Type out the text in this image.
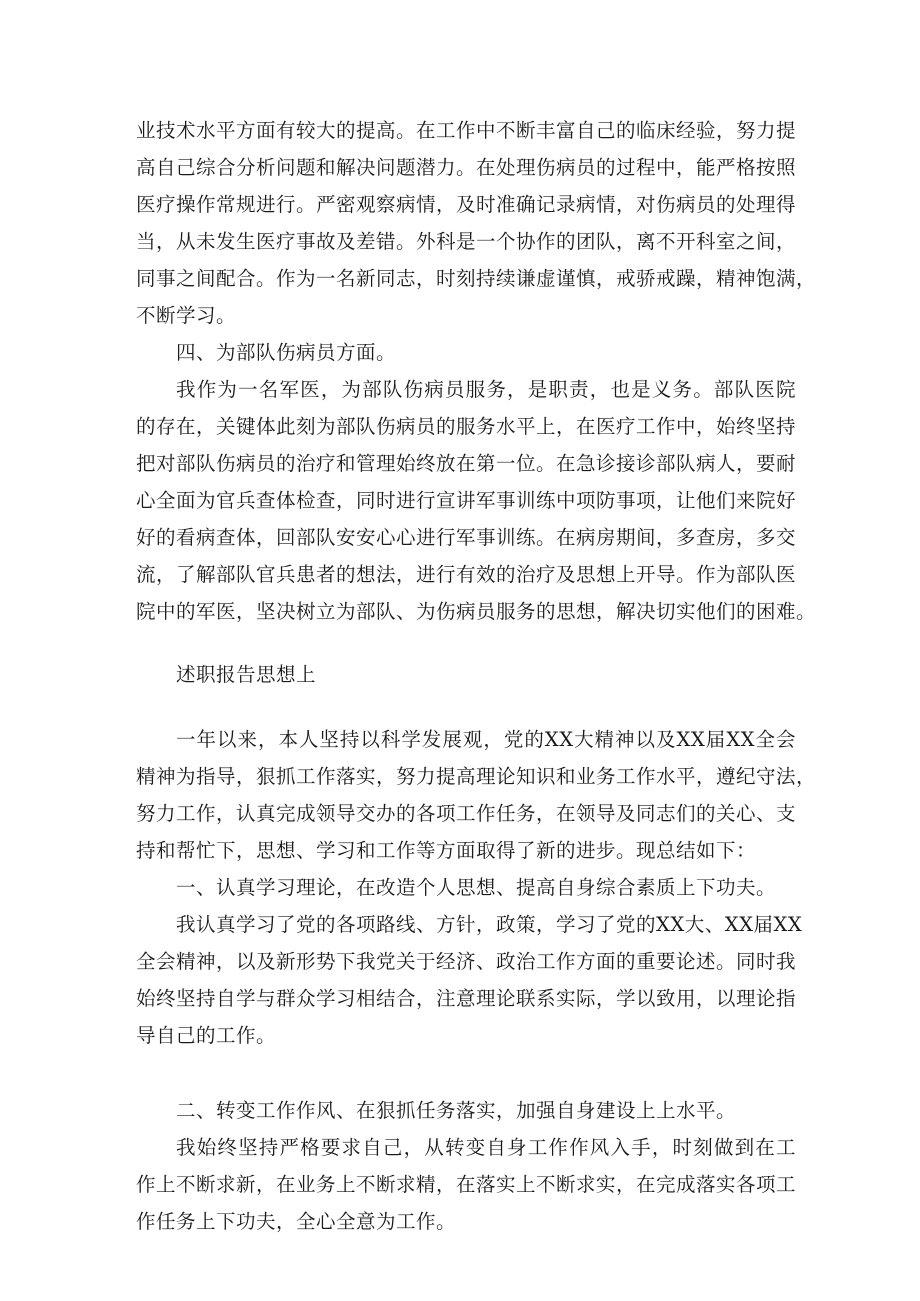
业技术水平方面有较大的提高。在工作中不断丰富自己的临床经验，努力提
高自己综合分析问题和解决问题潜力。在处理伤病员的过程中，能严格按照
医疗操作常规进行。严密观察病情，及时准确记录病情，对伤病员的处理得
当，从未发生医疗事故及差错。外科是一个协作的团队，离不开科室之间，
同事之间配合。作为一名新同志，时刻持续谦虚谨慎，戒骄戒躁，精神饱满，
不断学习。
四、为部队伤病员方面。
我作为一名军医，为部队伤病员服务，是职责，也是义务。部队医院
的存在，关键体此刻为部队伤病员的服务水平上，在医疗工作中，始终坚持
把对部队伤病员的治疗和管理始终放在第一位。在急诊接诊部队病人，要耐
心全面为官兵查体检查，同时进行宣讲军事训练中项防事项，让他们来院好
好的看病查体，回部队安安心心进行军事训练。在病房期间，多查房，多交
流，了解部队官兵患者的想法，进行有效的治疗及思想上开导。作为部队医
院中的军医，坚决树立为部队、为伤病员服务的思想，解决切实他们的困难。
述职报告思想上
一年以来，本人坚持以科学发展观，党的XX大精神以及XX届XX全会
精神为指导，狠抓工作落实，努力提高理论知识和业务工作水平，遵纪守法，
努力工作，认真完成领导交办的各项工作任务，在领导及同志们的关心、支
持和帮忙下，思想、学习和工作等方面取得了新的进步。现总结如下：
一、认真学习理论，在改造个人思想、提高自身综合素质上下功夫。
我认真学习了党的各项路线、方针，政策，学习了党的XX大、XX届XX
全会精神，以及新形势下我党关于经济、政治工作方面的重要论述。同时我
始终坚持自学与群众学习相结合，注意理论联系实际，学以致用，以理论指
导自己的工作。
二、转变工作作风、在狠抓任务落实，加强自身建设上上水平。
我始终坚持严格要求自己，从转变自身工作作风入手，时刻做到在工
作上不断求新，在业务上不断求精，在落实上不断求实，在完成落实各项工
作任务上下功夫，全心全意为工作。
